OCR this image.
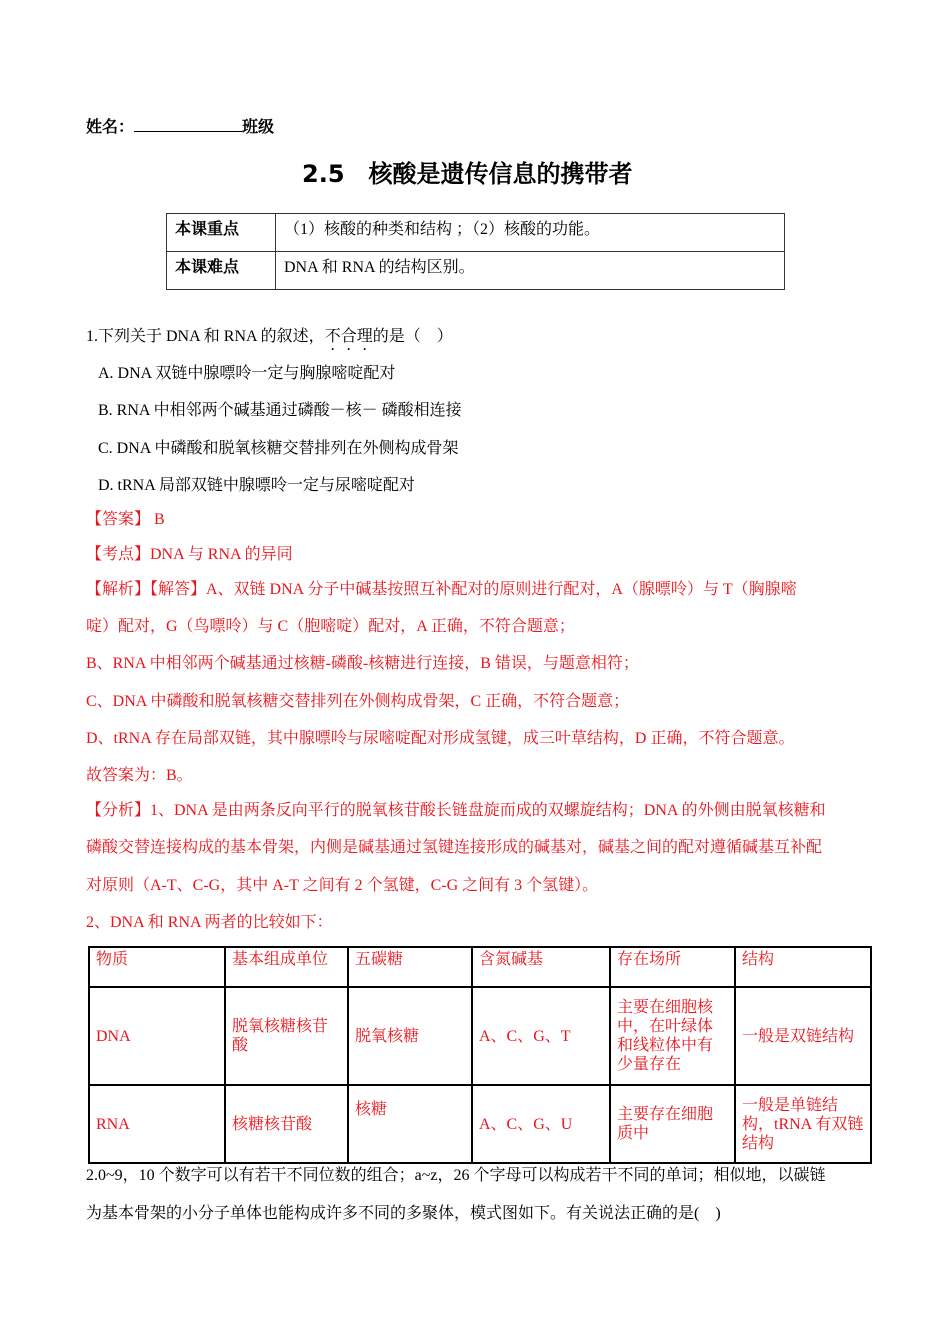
姓名：	班级
2.5　核酸是遗传信息的携带者
本课重点	（1）核酸的种类和结构 ；（2）核酸的功能。
本课难点	DNA 和 RNA 的结构区别。
1.下列关于 DNA 和 RNA 的叙述，不合理的是（　）
A. DNA 双链中腺嘌呤一定与胸腺嘧啶配对
B. RNA 中相邻两个碱基通过磷酸－核－ 磷酸相连接
C. DNA 中磷酸和脱氧核糖交替排列在外侧构成骨架
D. tRNA 局部双链中腺嘌呤一定与尿嘧啶配对
【答案】 B
【考点】DNA 与 RNA 的异同
【解析】【解答】A、双链 DNA 分子中碱基按照互补配对的原则进行配对，A（腺嘌呤）与 T（胸腺嘧
啶）配对，G（鸟嘌呤）与 C（胞嘧啶）配对，A 正确，不符合题意；
B、RNA 中相邻两个碱基通过核糖-磷酸-核糖进行连接，B 错误，与题意相符；
C、DNA 中磷酸和脱氧核糖交替排列在外侧构成骨架，C 正确，不符合题意；
D、tRNA 存在局部双链，其中腺嘌呤与尿嘧啶配对形成氢键，成三叶草结构，D 正确，不符合题意。
故答案为：B。
【分析】1、DNA 是由两条反向平行的脱氧核苷酸长链盘旋而成的双螺旋结构；DNA 的外侧由脱氧核糖和
磷酸交替连接构成的基本骨架，内侧是碱基通过氢键连接形成的碱基对，碱基之间的配对遵循碱基互补配
对原则（A-T、C-G，其中 A-T 之间有 2 个氢键，C-G 之间有 3 个氢键）。
2、DNA 和 RNA 两者的比较如下：
物质	基本组成单位	五碳糖	含氮碱基	存在场所	结构
DNA	脱氧核糖核苷酸	脱氧核糖	A、C、G、T	主要在细胞核中，在叶绿体和线粒体中有少量存在	一般是双链结构
RNA	核糖核苷酸	核糖	A、C、G、U	主要存在细胞质中	一般是单链结构，tRNA 有双链结构
2.0~9，10 个数字可以有若干不同位数的组合；a~z，26 个字母可以构成若干不同的单词；相似地，以碳链
为基本骨架的小分子单体也能构成许多不同的多聚体，模式图如下。有关说法正确的是(　)
